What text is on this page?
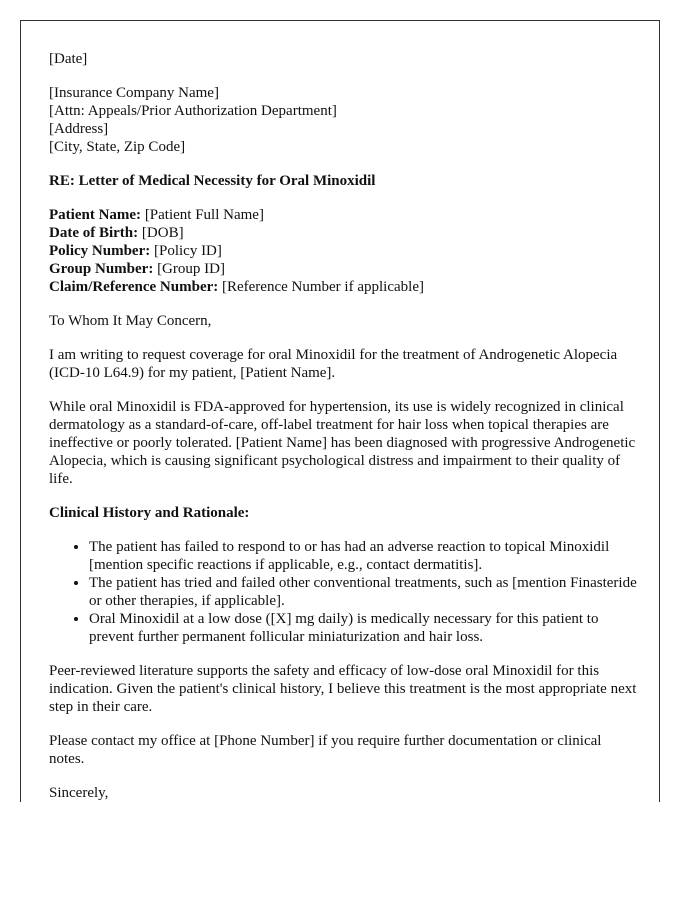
[Date]

[Insurance Company Name]
[Attn: Appeals/Prior Authorization Department]
[Address]
[City, State, Zip Code]

RE: Letter of Medical Necessity for Oral Minoxidil

Patient Name: [Patient Full Name]
Date of Birth: [DOB]
Policy Number: [Policy ID]
Group Number: [Group ID]
Claim/Reference Number: [Reference Number if applicable]

To Whom It May Concern,

I am writing to request coverage for oral Minoxidil for the treatment of Androgenetic Alopecia (ICD-10 L64.9) for my patient, [Patient Name].

While oral Minoxidil is FDA-approved for hypertension, its use is widely recognized in clinical dermatology as a standard-of-care, off-label treatment for hair loss when topical therapies are ineffective or poorly tolerated. [Patient Name] has been diagnosed with progressive Androgenetic Alopecia, which is causing significant psychological distress and impairment to their quality of life.

Clinical History and Rationale:

• The patient has failed to respond to or has had an adverse reaction to topical Minoxidil [mention specific reactions if applicable, e.g., contact dermatitis].
• The patient has tried and failed other conventional treatments, such as [mention Finasteride or other therapies, if applicable].
• Oral Minoxidil at a low dose ([X] mg daily) is medically necessary for this patient to prevent further permanent follicular miniaturization and hair loss.

Peer-reviewed literature supports the safety and efficacy of low-dose oral Minoxidil for this indication. Given the patient's clinical history, I believe this treatment is the most appropriate next step in their care.

Please contact my office at [Phone Number] if you require further documentation or clinical notes.

Sincerely,
